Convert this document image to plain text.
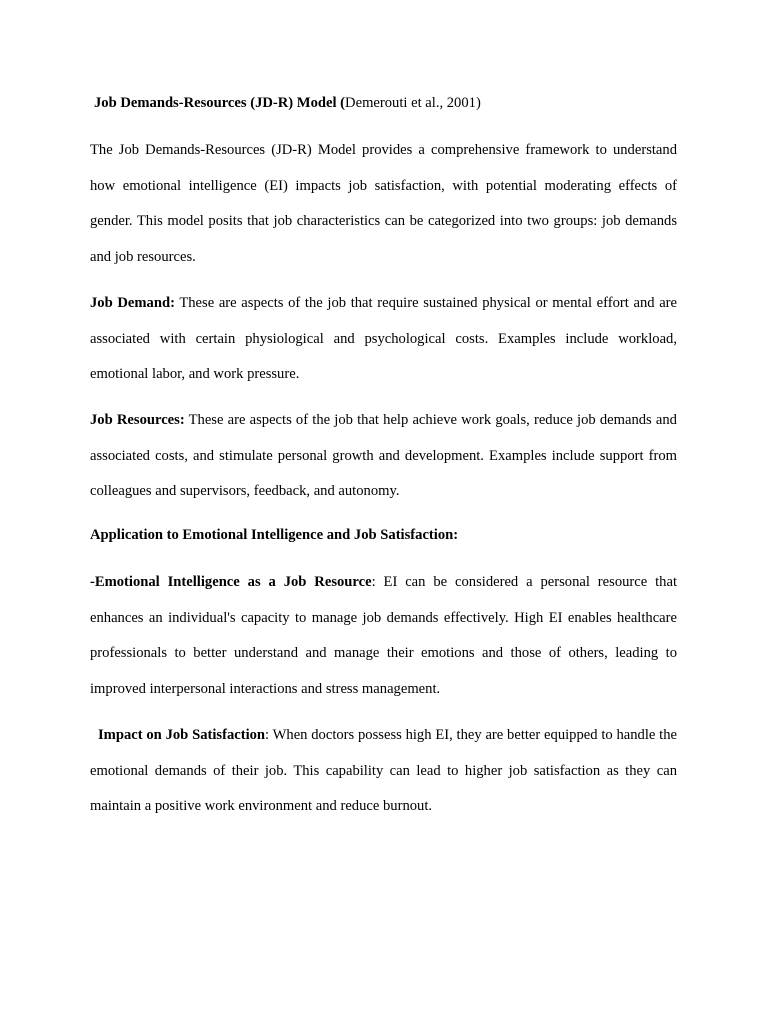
Job Demands-Resources (JD-R) Model (Demerouti et al., 2001)

The Job Demands-Resources (JD-R) Model provides a comprehensive framework to understand how emotional intelligence (EI) impacts job satisfaction, with potential moderating effects of gender. This model posits that job characteristics can be categorized into two groups: job demands and job resources.

Job Demand: These are aspects of the job that require sustained physical or mental effort and are associated with certain physiological and psychological costs. Examples include workload, emotional labor, and work pressure.

Job Resources: These are aspects of the job that help achieve work goals, reduce job demands and associated costs, and stimulate personal growth and development. Examples include support from colleagues and supervisors, feedback, and autonomy.

Application to Emotional Intelligence and Job Satisfaction:

-Emotional Intelligence as a Job Resource: EI can be considered a personal resource that enhances an individual's capacity to manage job demands effectively. High EI enables healthcare professionals to better understand and manage their emotions and those of others, leading to improved interpersonal interactions and stress management.

Impact on Job Satisfaction: When doctors possess high EI, they are better equipped to handle the emotional demands of their job. This capability can lead to higher job satisfaction as they can maintain a positive work environment and reduce burnout.
